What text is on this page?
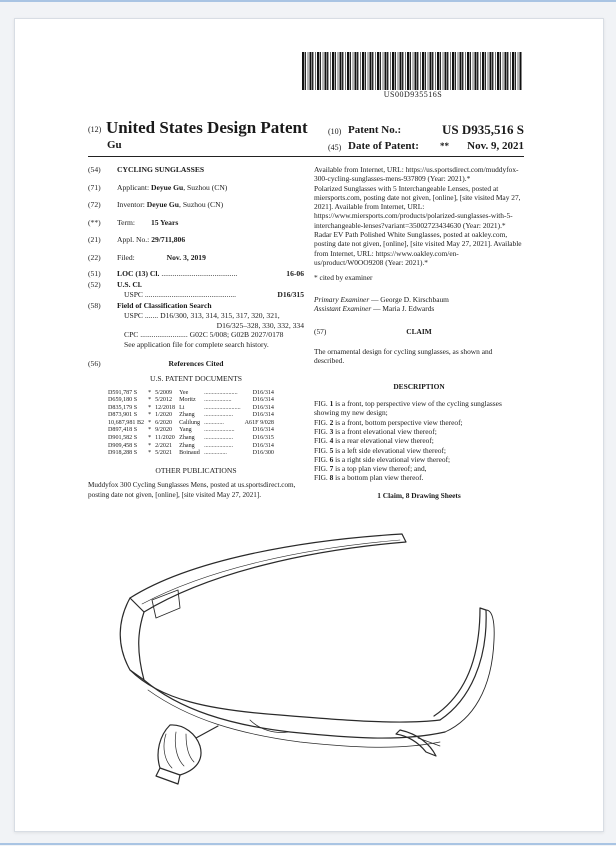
US00D935516S
(12) United States Design Patent
Gu
(10) Patent No.:	US D935,516 S
(45) Date of Patent: ** Nov. 9, 2021
(54) CYCLING SUNGLASSES
(71) Applicant: Deyue Gu, Suzhou (CN)
(72) Inventor: Deyue Gu, Suzhou (CN)
(**) Term: 15 Years
(21) Appl. No.: 29/711,806
(22) Filed:	Nov. 3, 2019
(51) LOC (13) Cl. ........................................	16-06
(52) U.S. Cl.
USPC ................................................	D16/315
(58) Field of Classification Search
USPC ....... D16/300, 313, 314, 315, 317, 320, 321,
D16/325–328, 330, 332, 334
CPC ......................... G02C 5/008; G02B 2027/0178
See application file for complete search history.
(56)	References Cited
U.S. PATENT DOCUMENTS
D591,787 S	*	5/2009	Yee	......................	D16/314
D659,180 S	*	5/2012	Moritz	..................	D16/314
D835,179 S	*	12/2018	Li	........................	D16/314
D873,901 S	*	1/2020	Zhang	...................	D16/314
10,687,981 B2	*	6/2020	Calilung	.............	A61F 9/028
D897,418 S	*	9/2020	Yang	....................	D16/314
D901,582 S	*	11/2020	Zhang	...................	D16/315
D909,458 S	*	2/2021	Zhang	...................	D16/314
D918,288 S	*	5/2021	Boinaud	...............	D16/300
OTHER PUBLICATIONS
Muddyfox 300 Cycling Sunglasses Mens, posted at us.sportsdirect.com, posting date not given, [online], [site visited May 27, 2021].

Available from Internet, URL: https://us.sportsdirect.com/muddyfox-300-cycling-sunglasses-mens-937809 (Year: 2021).*

Polarized Sunglasses with 5 Interchangeable Lenses, posted at miersports.com, posting date not given, [online], [site visited May 27, 2021]. Available from Internet, URL: https://www.miersports.com/products/polarized-sunglasses-with-5-interchangeable-lenses?variant=35002723434630 (Year: 2021).*

Radar EV Path Polished White Sunglasses, posted at oakley.com, posting date not given, [online], [site visited May 27, 2021]. Available from Internet, URL: https://www.oakley.com/en-us/product/W0OO9208 (Year: 2021).*

* cited by examiner

Primary Examiner — George D. Kirschbaum
Assistant Examiner — Maria J. Edwards
(57)	CLAIM

The ornamental design for cycling sunglasses, as shown and described.

DESCRIPTION
FIG. 1 is a front, top perspective view of the cycling sunglasses showing my new design;
FIG. 2 is a front, bottom perspective view thereof;
FIG. 3 is a front elevational view thereof;
FIG. 4 is a rear elevational view thereof;
FIG. 5 is a left side elevational view thereof;
FIG. 6 is a right side elevational view thereof;
FIG. 7 is a top plan view thereof; and,
FIG. 8 is a bottom plan view thereof.
1 Claim, 8 Drawing Sheets
